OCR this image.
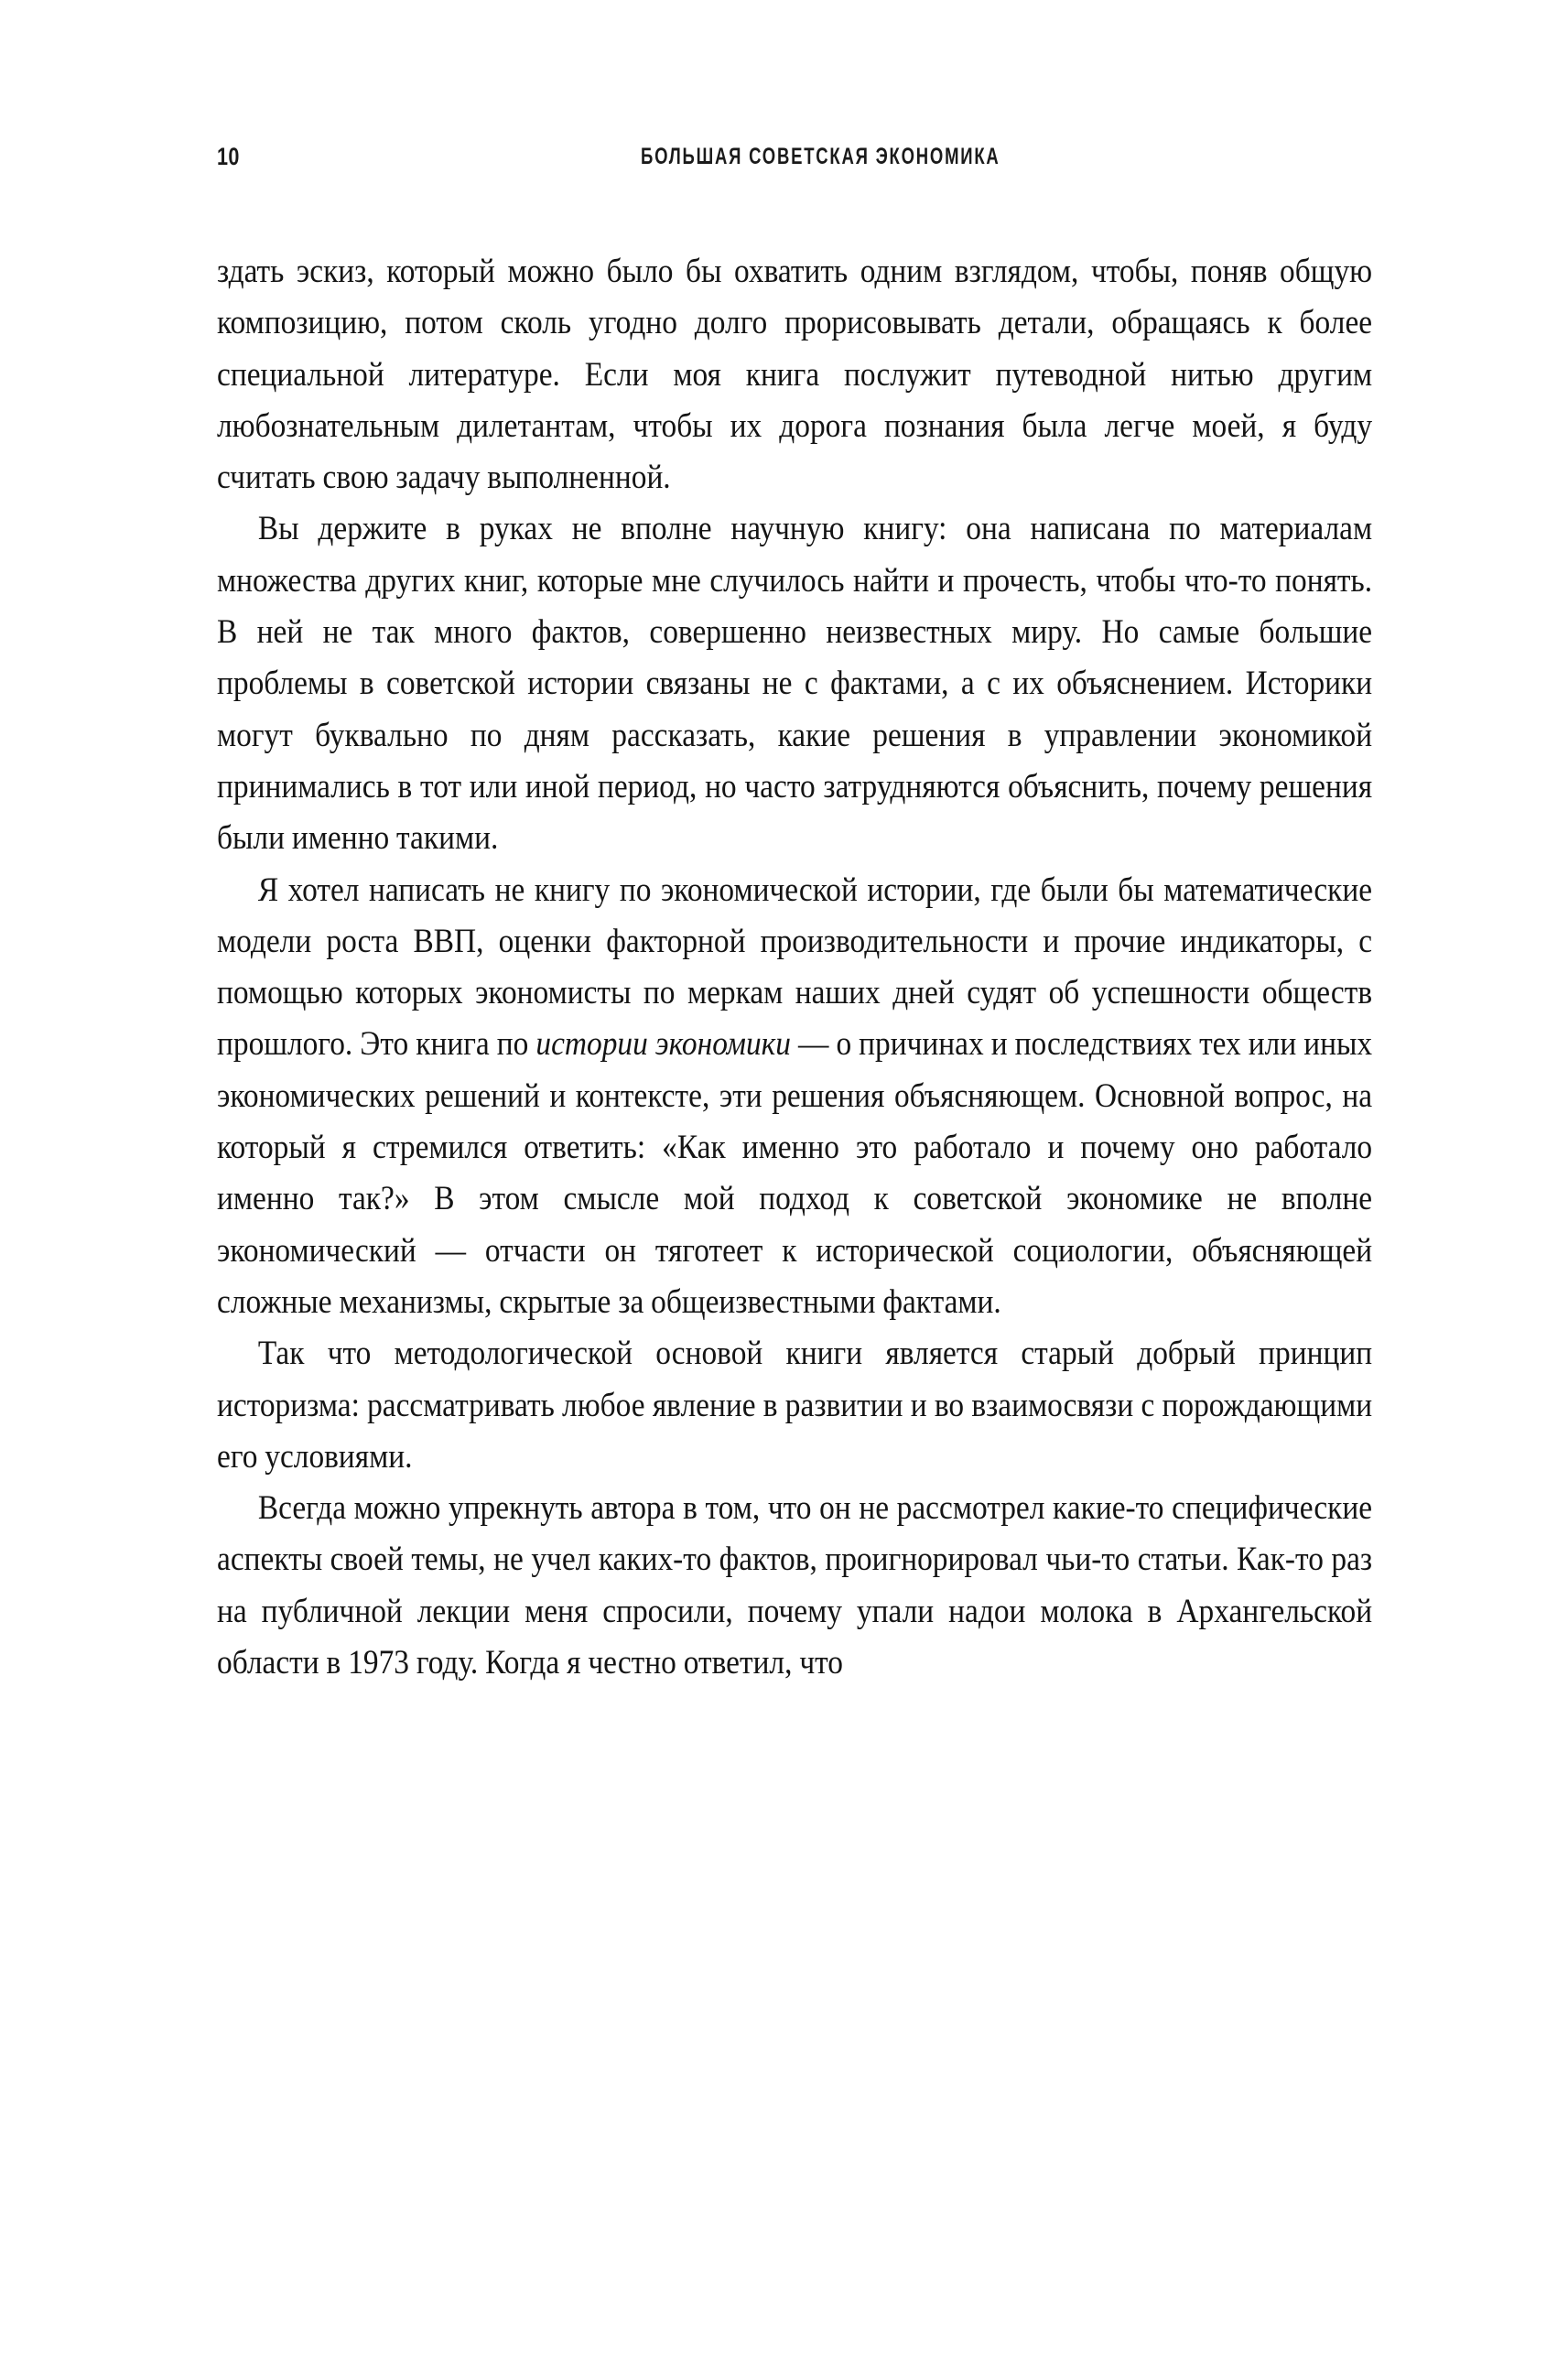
10	БОЛЬШАЯ СОВЕТСКАЯ ЭКОНОМИКА

здать эскиз, который можно было бы охватить одним взглядом, чтобы, поняв общую композицию, потом сколь угодно долго прорисовывать детали, обращаясь к более специальной литературе. Если моя книга послужит путеводной нитью другим любознательным дилетантам, чтобы их дорога познания была легче моей, я буду считать свою задачу выполненной.

Вы держите в руках не вполне научную книгу: она написана по материалам множества других книг, которые мне случилось найти и прочесть, чтобы что-то понять. В ней не так много фактов, совершенно неизвестных миру. Но самые большие проблемы в советской истории связаны не с фактами, а с их объяснением. Историки могут буквально по дням рассказать, какие решения в управлении экономикой принимались в тот или иной период, но часто затрудняются объяснить, почему решения были именно такими.

Я хотел написать не книгу по экономической истории, где были бы математические модели роста ВВП, оценки факторной производительности и прочие индикаторы, с помощью которых экономисты по меркам наших дней судят об успешности обществ прошлого. Это книга по истории экономики — о причинах и последствиях тех или иных экономических решений и контексте, эти решения объясняющем. Основной вопрос, на который я стремился ответить: «Как именно это работало и почему оно работало именно так?» В этом смысле мой подход к советской экономике не вполне экономический — отчасти он тяготеет к исторической социологии, объясняющей сложные механизмы, скрытые за общеизвестными фактами.

Так что методологической основой книги является старый добрый принцип историзма: рассматривать любое явление в развитии и во взаимосвязи с порождающими его условиями.

Всегда можно упрекнуть автора в том, что он не рассмотрел какие-то специфические аспекты своей темы, не учел каких-то фактов, проигнорировал чьи-то статьи. Как-то раз на публичной лекции меня спросили, почему упали надои молока в Архангельской области в 1973 году. Когда я честно ответил, что
